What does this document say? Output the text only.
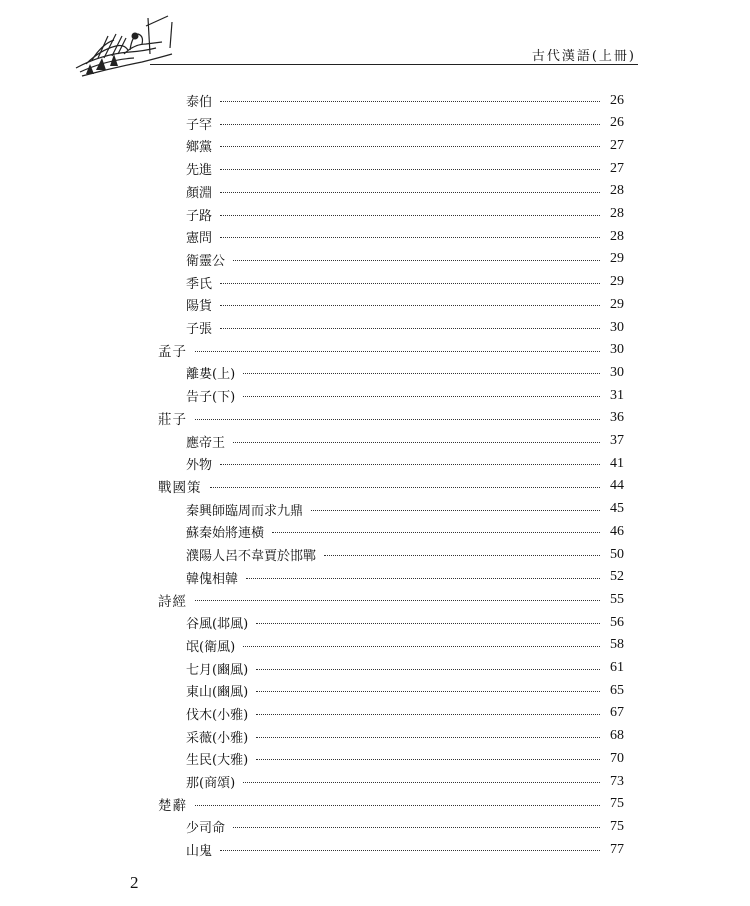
古代漢語(上冊)
泰伯	26
子罕	26
鄉黨	27
先進	27
顏淵	28
子路	28
憲問	28
衛靈公	29
季氏	29
陽貨	29
子張	30
孟子	30
離婁(上)	30
告子(下)	31
莊子	36
應帝王	37
外物	41
戰國策	44
秦興師臨周而求九鼎	45
蘇秦始將連橫	46
濮陽人呂不韋賈於邯鄲	50
韓傀相韓	52
詩經	55
谷風(邶風)	56
氓(衛風)	58
七月(豳風)	61
東山(豳風)	65
伐木(小雅)	67
采薇(小雅)	68
生民(大雅)	70
那(商頌)	73
楚辭	75
少司命	75
山鬼	77
2
